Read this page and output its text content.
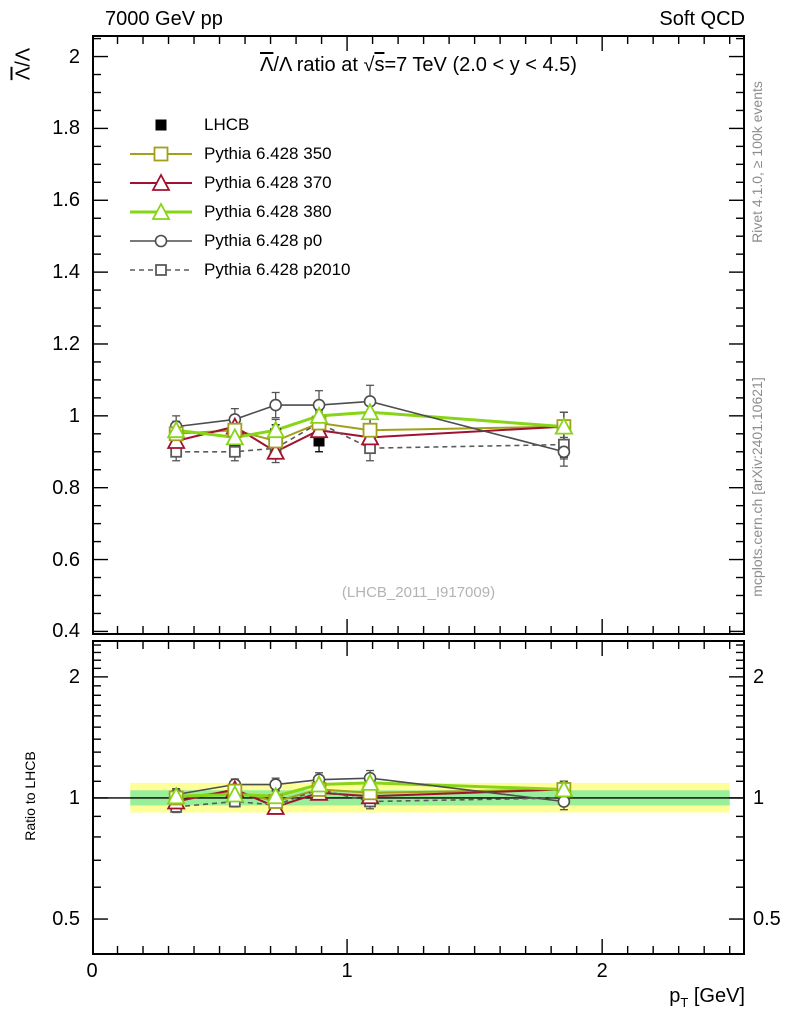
7000 GeV pp	Soft QCD
$\overline{\Lambda}/\Lambda$ ratio at √s=7 TeV (2.0 < y < 4.5)
$\overline{\Lambda}/\Lambda$
Ratio to LHCB
Rivet 4.1.0, ≥ 100k events
mcplots.cern.ch [arXiv:2401.10621]
(LHCB_2011_I917009)
LHCB
Pythia 6.428 350
Pythia 6.428 370
Pythia 6.428 380
Pythia 6.428 p0
Pythia 6.428 p2010
$p_T$ [GeV]
0.4
0.6
0.8
1
1.2
1.4
1.6
1.8
2
0.5	0.5
1	1
2	2
0	1	2
